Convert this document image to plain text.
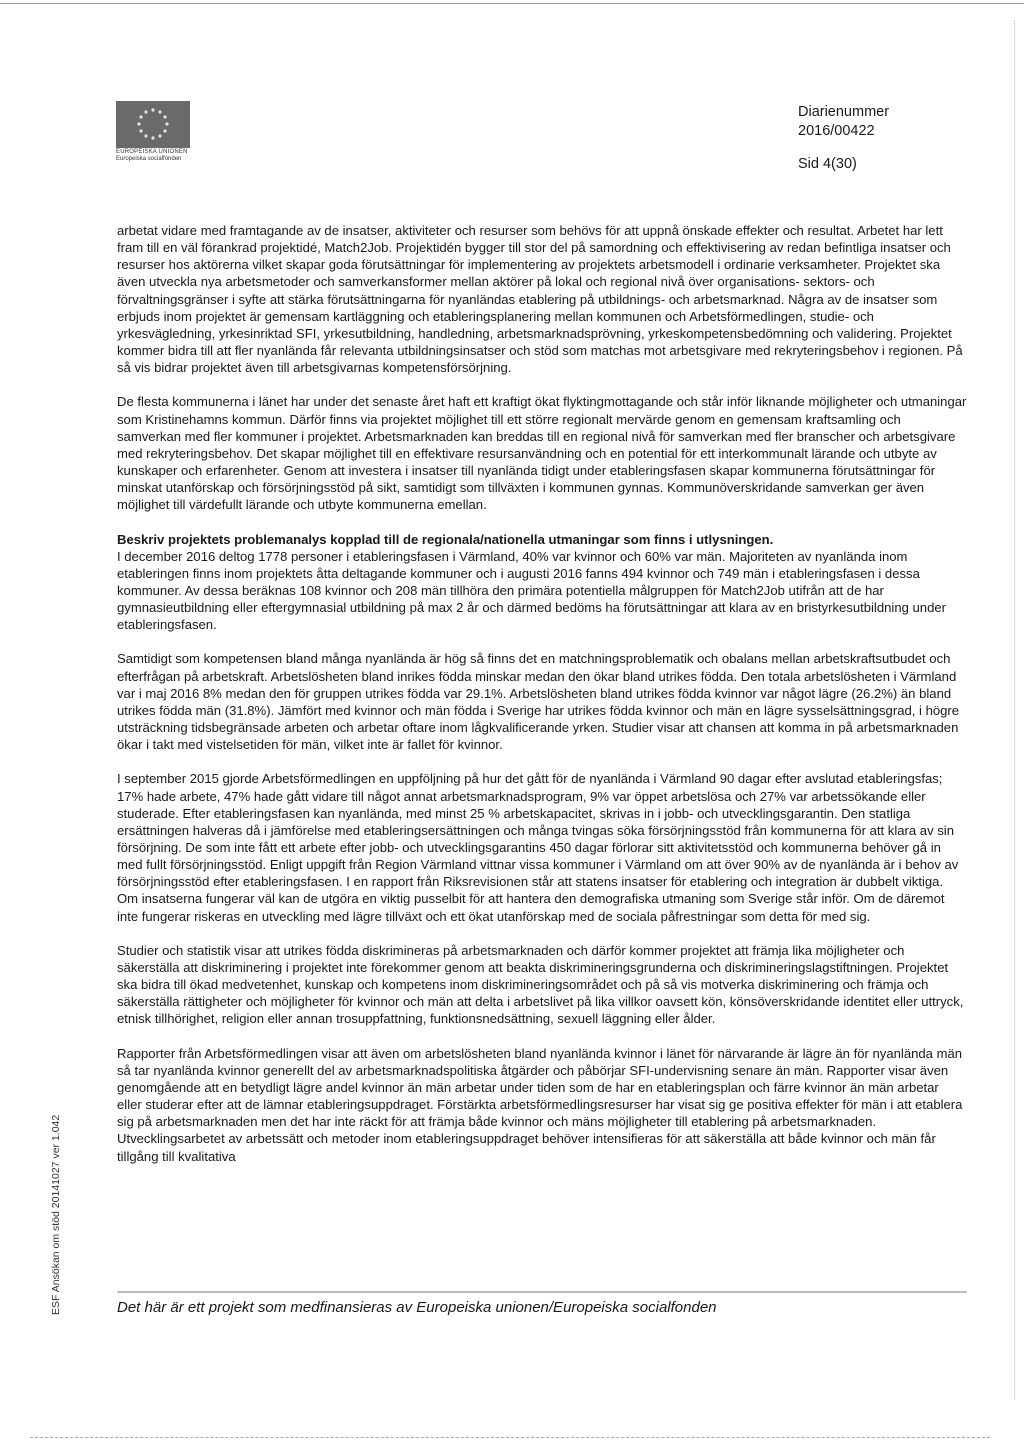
EUROPEISKA UNIONEN
Europeiska socialfonden
Diarienummer
2016/00422
Sid 4(30)

arbetat vidare med framtagande av de insatser, aktiviteter och resurser som behövs för att uppnå önskade effekter och resultat. Arbetet har lett fram till en väl förankrad projektidé, Match2Job. Projektidén bygger till stor del på samordning och effektivisering av redan befintliga insatser och resurser hos aktörerna vilket skapar goda förutsättningar för implementering av projektets arbetsmodell i ordinarie verksamheter. Projektet ska även utveckla nya arbetsmetoder och samverkansformer mellan aktörer på lokal och regional nivå över organisations- sektors- och förvaltningsgränser i syfte att stärka förutsättningarna för nyanländas etablering på utbildnings- och arbetsmarknad. Några av de insatser som erbjuds inom projektet är gemensam kartläggning och etableringsplanering mellan kommunen och Arbetsförmedlingen, studie- och yrkesvägledning, yrkesinriktad SFI, yrkesutbildning, handledning, arbetsmarknadsprövning, yrkeskompetensbedömning och validering. Projektet kommer bidra till att fler nyanlända får relevanta utbildningsinsatser och stöd som matchas mot arbetsgivare med rekryteringsbehov i regionen. På så vis bidrar projektet även till arbetsgivarnas kompetensförsörjning.

De flesta kommunerna i länet har under det senaste året haft ett kraftigt ökat flyktingmottagande och står inför liknande möjligheter och utmaningar som Kristinehamns kommun. Därför finns via projektet möjlighet till ett större regionalt mervärde genom en gemensam kraftsamling och samverkan med fler kommuner i projektet. Arbetsmarknaden kan breddas till en regional nivå för samverkan med fler branscher och arbetsgivare med rekryteringsbehov. Det skapar möjlighet till en effektivare resursanvändning och en potential för ett interkommunalt lärande och utbyte av kunskaper och erfarenheter. Genom att investera i insatser till nyanlända tidigt under etableringsfasen skapar kommunerna förutsättningar för minskat utanförskap och försörjningsstöd på sikt, samtidigt som tillväxten i kommunen gynnas. Kommunöverskridande samverkan ger även möjlighet till värdefullt lärande och utbyte kommunerna emellan.

Beskriv projektets problemanalys kopplad till de regionala/nationella utmaningar som finns i utlysningen.

I december 2016 deltog 1778 personer i etableringsfasen i Värmland, 40% var kvinnor och 60% var män. Majoriteten av nyanlända inom etableringen finns inom projektets åtta deltagande kommuner och i augusti 2016 fanns 494 kvinnor och 749 män i etableringsfasen i dessa kommuner. Av dessa beräknas 108 kvinnor och 208 män tillhöra den primära potentiella målgruppen för Match2Job utifrån att de har gymnasieutbildning eller eftergymnasial utbildning på max 2 år och därmed bedöms ha förutsättningar att klara av en bristyrkesutbildning under etableringsfasen.

Samtidigt som kompetensen bland många nyanlända är hög så finns det en matchningsproblematik och obalans mellan arbetskraftsutbudet och efterfrågan på arbetskraft. Arbetslösheten bland inrikes födda minskar medan den ökar bland utrikes födda. Den totala arbetslösheten i Värmland var i maj 2016 8% medan den för gruppen utrikes födda var 29.1%. Arbetslösheten bland utrikes födda kvinnor var något lägre (26.2%) än bland utrikes födda män (31.8%). Jämfört med kvinnor och män födda i Sverige har utrikes födda kvinnor och män en lägre sysselsättningsgrad, i högre utsträckning tidsbegränsade arbeten och arbetar oftare inom lågkvalificerande yrken. Studier visar att chansen att komma in på arbetsmarknaden ökar i takt med vistelsetiden för män, vilket inte är fallet för kvinnor.

I september 2015 gjorde Arbetsförmedlingen en uppföljning på hur det gått för de nyanlända i Värmland 90 dagar efter avslutad etableringsfas; 17% hade arbete, 47% hade gått vidare till något annat arbetsmarknadsprogram, 9% var öppet arbetslösa och 27% var arbetssökande eller studerade. Efter etableringsfasen kan nyanlända, med minst 25 % arbetskapacitet, skrivas in i jobb- och utvecklingsgarantin. Den statliga ersättningen halveras då i jämförelse med etableringsersättningen och många tvingas söka försörjningsstöd från kommunerna för att klara av sin försörjning. De som inte fått ett arbete efter jobb- och utvecklingsgarantins 450 dagar förlorar sitt aktivitetsstöd och kommunerna behöver gå in med fullt försörjningsstöd. Enligt uppgift från Region Värmland vittnar vissa kommuner i Värmland om att över 90% av de nyanlända är i behov av försörjningsstöd efter etableringsfasen. I en rapport från Riksrevisionen står att statens insatser för etablering och integration är dubbelt viktiga. Om insatserna fungerar väl kan de utgöra en viktig pusselbit för att hantera den demografiska utmaning som Sverige står inför. Om de däremot inte fungerar riskeras en utveckling med lägre tillväxt och ett ökat utanförskap med de sociala påfrestningar som detta för med sig.

Studier och statistik visar att utrikes födda diskrimineras på arbetsmarknaden och därför kommer projektet att främja lika möjligheter och säkerställa att diskriminering i projektet inte förekommer genom att beakta diskrimineringsgrunderna och diskrimineringslagstiftningen. Projektet ska bidra till ökad medvetenhet, kunskap och kompetens inom diskrimineringsområdet och på så vis motverka diskriminering och främja och säkerställa rättigheter och möjligheter för kvinnor och män att delta i arbetslivet på lika villkor oavsett kön, könsöverskridande identitet eller uttryck, etnisk tillhörighet, religion eller annan trosuppfattning, funktionsnedsättning, sexuell läggning eller ålder.

Rapporter från Arbetsförmedlingen visar att även om arbetslösheten bland nyanlända kvinnor i länet för närvarande är lägre än för nyanlända män så tar nyanlända kvinnor generellt del av arbetsmarknadspolitiska åtgärder och påbörjar SFI-undervisning senare än män. Rapporter visar även genomgående att en betydligt lägre andel kvinnor än män arbetar under tiden som de har en etableringsplan och färre kvinnor än män arbetar eller studerar efter att de lämnar etableringsuppdraget. Förstärkta arbetsförmedlingsresurser har visat sig ge positiva effekter för män i att etablera sig på arbetsmarknaden men det har inte räckt för att främja både kvinnor och mäns möjligheter till etablering på arbetsmarknaden. Utvecklingsarbetet av arbetssätt och metoder inom etableringsuppdraget behöver intensifieras för att säkerställa att både kvinnor och män får tillgång till kvalitativa

Det här är ett projekt som medfinansieras av Europeiska unionen/Europeiska socialfonden
ESF Ansökan om stöd 20141027 ver 1.042
